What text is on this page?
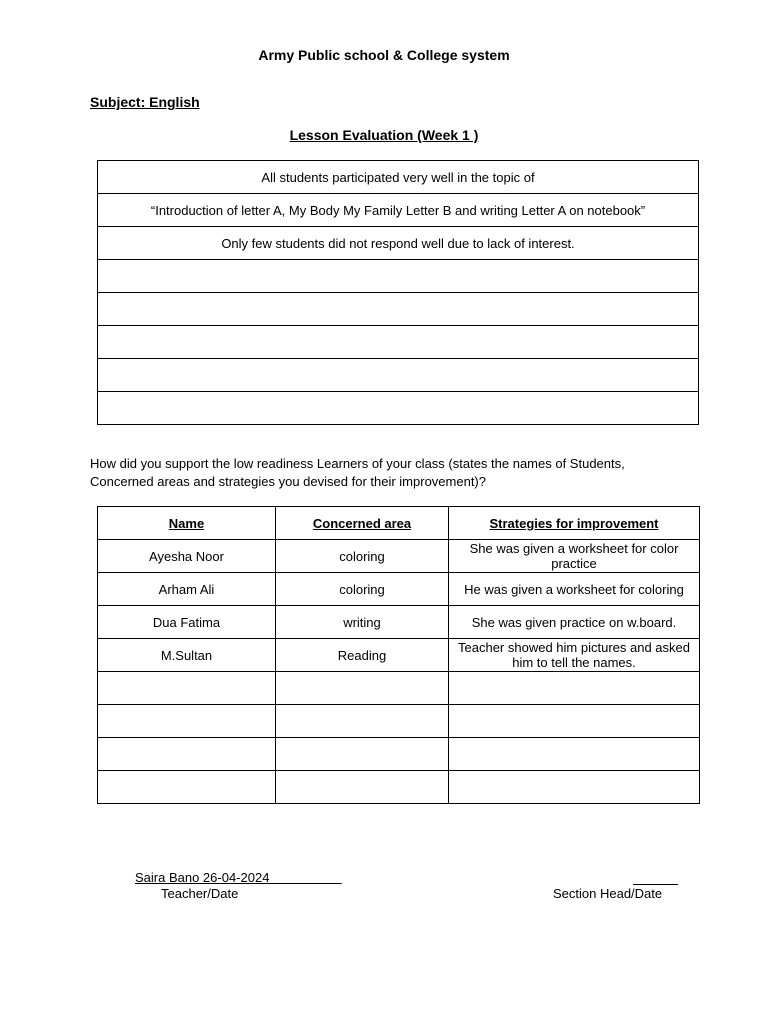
Army Public school & College system
Subject: English
Lesson Evaluation (Week 1 )
All students participated very well in the topic of
“Introduction of letter A, My Body My Family Letter B and writing Letter A on notebook”
Only few students did not respond well due to lack of interest.

How did you support the low readiness Learners of your class (states the names of Students, Concerned areas and strategies you devised for their improvement)?
Name	Concerned area	Strategies for improvement
Ayesha Noor	coloring	She was given a worksheet for color practice
Arham Ali	coloring	He was given a worksheet for coloring
Dua Fatima	writing	She was given practice on w.board.
M.Sultan	Reading	Teacher showed him pictures and asked him to tell the names.

Saira Bano 26-04-2024
Teacher/Date	Section Head/Date
